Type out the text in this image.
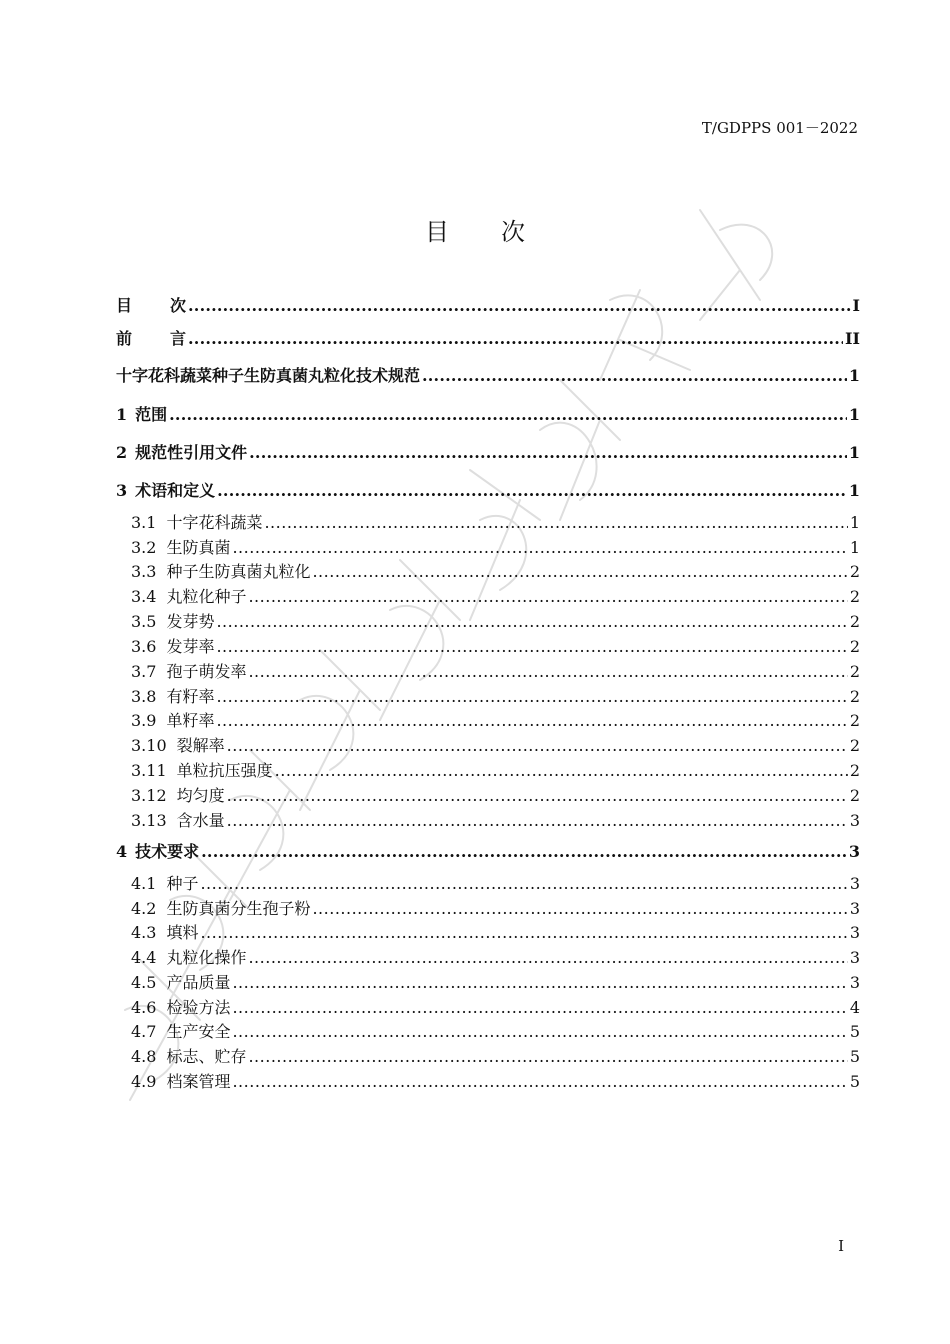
T/GDPPS 001－2022
目 次
目 次 .....	I
前 言 .....	II
十字花科蔬菜种子生防真菌丸粒化技术规范 .....	1
1 范围 .....	1
2 规范性引用文件 .....	1
3 术语和定义 .....	1
3.1 十字花科蔬菜 .....	1
3.2 生防真菌 .....	1
3.3 种子生防真菌丸粒化 .....	2
3.4 丸粒化种子 .....	2
3.5 发芽势 .....	2
3.6 发芽率 .....	2
3.7 孢子萌发率 .....	2
3.8 有籽率 .....	2
3.9 单籽率 .....	2
3.10 裂解率 .....	2
3.11 单粒抗压强度 .....	2
3.12 均匀度 .....	2
3.13 含水量 .....	3
4 技术要求 .....	3
4.1 种子 .....	3
4.2 生防真菌分生孢子粉 .....	3
4.3 填料 .....	3
4.4 丸粒化操作 .....	3
4.5 产品质量 .....	3
4.6 检验方法 .....	4
4.7 生产安全 .....	5
4.8 标志、贮存 .....	5
4.9 档案管理 .....	5
I
